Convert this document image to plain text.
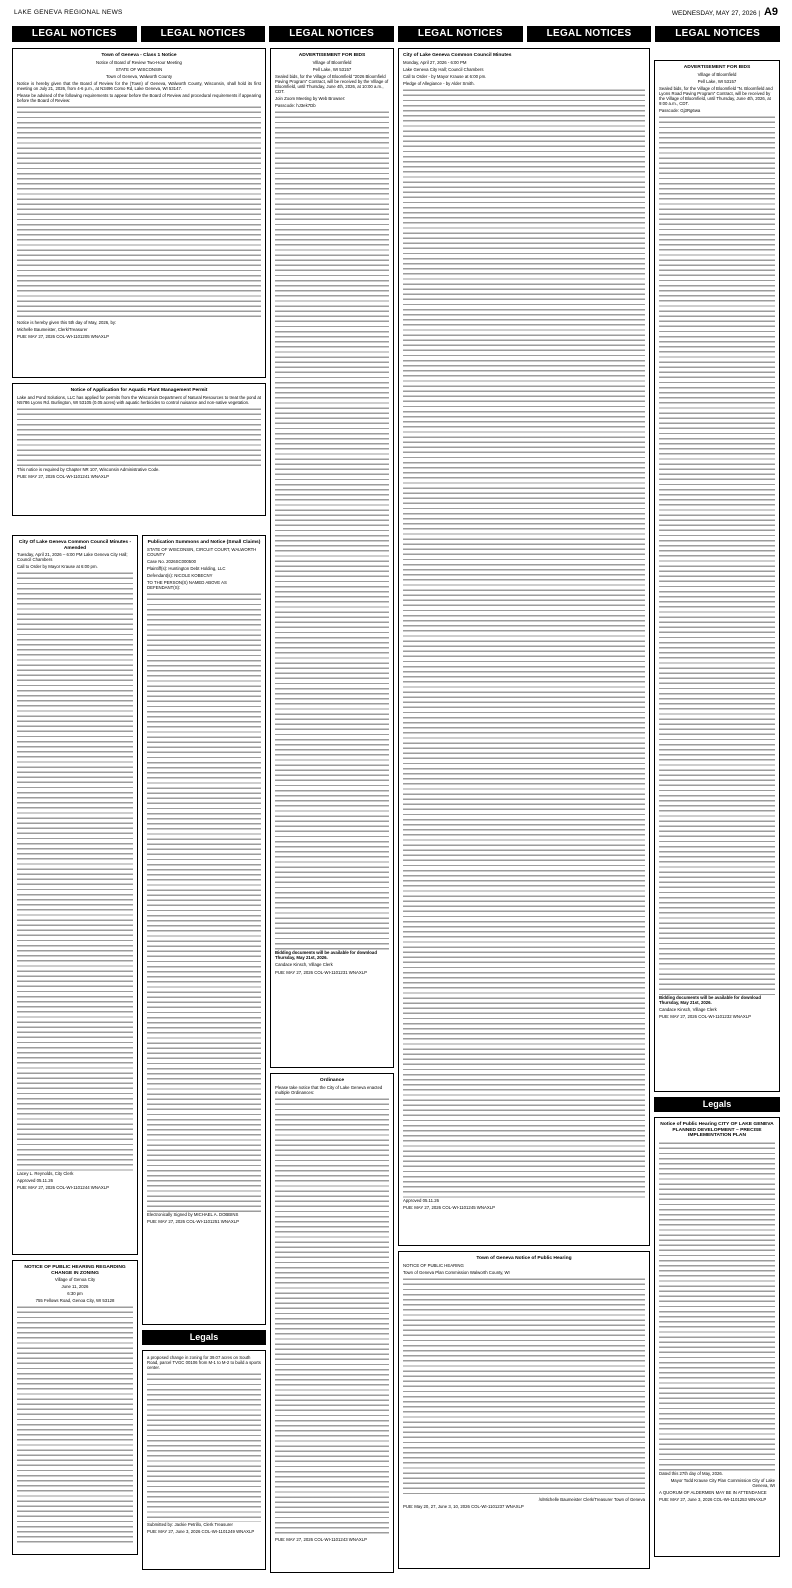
LAKE GENEVA REGIONAL NEWS	WEDNESDAY, MAY 27, 2026 | A9
LEGAL NOTICES	LEGAL NOTICES	LEGAL NOTICES	LEGAL NOTICES	LEGAL NOTICES	LEGAL NOTICES
Town of Geneva - Class 1 Notice
Notice of Board of Review Two-Hour Meeting
STATE OF WISCONSIN
Town of Geneva, Walworth County

Notice is hereby given that the Board of Review for the (Town) of Geneva, Walworth County, Wisconsin, shall hold its first meeting on July 21, 2026, from 4-6 p.m., at N3496 Como Rd, Lake Geneva, WI 53147.

Please be advised of the following requirements to appear before the Board of Review and procedural requirements if appearing before the Board of Review:

Notice is hereby given this 5th day of May, 2026, by:

Michelle Baumeister, Clerk/Treasurer

PUB: MAY 27, 2026 COL-WI-1101205 WNAXLP

Notice of Application for Aquatic Plant Management Permit

Lake and Pond Solutions, LLC has applied for permits from the Wisconsin Department of Natural Resources to treat the pond at N5786 Lyons Rd. Burlington, WI 53105 (0.05 acres) with aquatic herbicides to control nuisance and non-native vegetation.

This notice is required by Chapter NR 107, Wisconsin Administrative Code.

PUB: MAY 27, 2026 COL-WI-1101241 WNAXLP

City Of Lake Geneva Common Council Minutes - Amended

Tuesday, April 21, 2026 – 6:00 PM Lake Geneva City Hall; Council Chambers

Call to Order by Mayor Krause at 6:00 pm.

Lacey L. Reynolds, City Clerk

Approved 05.11.26

PUB: MAY 27, 2026 COL-WI-1101244 WNAXLP

NOTICE OF PUBLIC HEARING REGARDING CHANGE IN ZONING
Village of Genoa City
June 11, 2026
6:30 pm
755 Fellows Road, Genoa City, WI 53128
Publication Summons and Notice (Small Claims)

STATE OF WISCONSIN, CIRCUIT COURT, WALWORTH COUNTY

Case No. 2026SC000500

Plaintiff(s): Huntington Debt Holding, LLC

Defendant(s): NICOLE KOBECNY

TO THE PERSON(S) NAMED ABOVE AS DEFENDANT(S):

Electronically Signed by MICHAEL A. DOBBINS

PUB: MAY 27, 2026 COL-WI-1101251 WNAXLP

Legals

a proposed change in zoning for 39.07 acres on South Road, parcel TVGC 00106 from M-1 to M-2 to build a sports center.

Submitted by: Jackie Petrillo, Clerk Treasurer

PUB: MAY 27, June 3, 2026 COL-WI-1101249 WNAXLP

ADVERTISEMENT FOR BIDS
Village of Bloomfield
Pell Lake, WI 53157

Sealed bids, for the Village of Bloomfield "2026 Bloomfield Paving Program" Contract, will be received by the Village of Bloomfield, until Thursday, June 4th, 2026, at 10:00 a.m., CDT.

Join Zoom Meeting by Web Browser:

Passcode: hJ3ek7Db

Bidding documents will be available for download Thursday, May 21st, 2026.

Candace Kinsch, Village Clerk

PUB: MAY 27, 2026 COL-WI-1101231 WNAXLP

Ordinance

Please take notice that the City of Lake Geneva enacted multiple Ordinances:

PUB: MAY 27, 2026 COL-WI-1101243 WNAXLP

City of Lake Geneva Common Council Minutes

Monday, April 27, 2026 - 6:00 PM

Lake Geneva City Hall; Council Chambers

Call to Order - by Mayor Krause at 6:00 pm.

Pledge of Allegiance - by Alder Smith.

Approved 05.11.26

PUB: MAY 27, 2026 COL-WI-1101245 WNAXLP

Town of Geneva Notice of Public Hearing

NOTICE OF PUBLIC HEARING

Town of Geneva Plan Commission Walworth County, WI

/s/Michelle Baumeister Clerk/Treasurer Town of Geneva

PUB: May 20, 27, June 3, 10, 2026 COL-WI-1101237 WNAXLP

ADVERTISEMENT FOR BIDS
Village of Bloomfield
Pell Lake, WI 53157

Sealed bids, for the Village of Bloomfield "N. Bloomfield and Lyons Road Paving Program" Contract, will be received by the Village of Bloomfield, until Thursday, June 4th, 2026, at 9:00 a.m., CDT.

Passcode: Gj3Rg6wa

Bidding documents will be available for download Thursday, May 21st, 2026.

Candace Kinsch, Village Clerk

PUB: MAY 27, 2026 COL-WI-1101232 WNAXLP

Legals
Notice of Public Hearing CITY OF LAKE GENEVA PLANNED DEVELOPMENT – PRECISE IMPLEMENTATION PLAN

Dated this 27th day of May, 2026.

Mayor Todd Krause City Plan Commission City of Lake Geneva, WI

A QUORUM OF ALDERMEN MAY BE IN ATTENDANCE

PUB: MAY 27, June 3, 2026 COL-WI-1101253 WNAXLP
